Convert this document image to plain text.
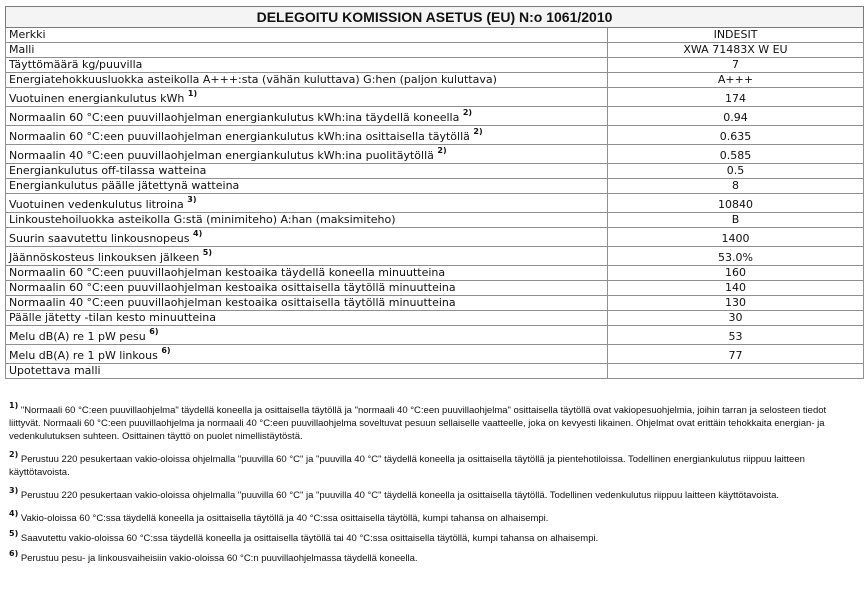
DELEGOITU KOMISSION ASETUS (EU) N:o 1061/2010	
Merkki	INDESIT
Malli	XWA 71483X W EU
Täyttömäärä kg/puuvilla	7
Energiatehokkuusluokka asteikolla A+++:sta (vähän kuluttava) G:hen (paljon kuluttava)	A+++
Vuotuinen energiankulutus kWh $^{1)}$	174
Normaalin 60 °C:een puuvillaohjelman energiankulutus kWh:ina täydellä koneella $^{2)}$	0.94
Normaalin 60 °C:een puuvillaohjelman energiankulutus kWh:ina osittaisella täytöllä $^{2)}$	0.635
Normaalin 40 °C:een puuvillaohjelman energiankulutus kWh:ina puolitäytöllä $^{2)}$	0.585
Energiankulutus off-tilassa watteina	0.5
Energiankulutus päälle jätettynä watteina	8
Vuotuinen vedenkulutus litroina $^{3)}$	10840
Linkoustehoiluokka asteikolla G:stä (minimiteho) A:han (maksimiteho)	B
Suurin saavutettu linkousnopeus $^{4)}$	1400
Jäännöskosteus linkouksen jälkeen $^{5)}$	53.0%
Normaalin 60 °C:een puuvillaohjelman kestoaika täydellä koneella minuutteina	160
Normaalin 60 °C:een puuvillaohjelman kestoaika osittaisella täytöllä minuutteina	140
Normaalin 40 °C:een puuvillaohjelman kestoaika osittaisella täytöllä minuutteina	130
Päälle jätetty -tilan kesto minuutteina	30
Melu dB(A) re 1 pW pesu $^{6)}$	53
Melu dB(A) re 1 pW linkous $^{6)}$	77
Upotettava malli	

$^{1)}$ "Normaali 60 °C:een puuvillaohjelma" täydellä koneella ja osittaisella täytöllä ja "normaali 40 °C:een puuvillaohjelma" osittaisella täytöllä ovat vakiopesuohjelmia, joihin tarran ja selosteen tiedot liittyvät. Normaali 60 °C:een puuvillaohjelma ja normaali 40 °C:een puuvillaohjelma soveltuvat pesuun sellaiselle vaatteelle, joka on kevyesti likainen. Ohjelmat ovat erittäin tehokkaita energian- ja vedenkulutuksen suhteen. Osittainen täyttö on puolet nimellistäytöstä.

$^{2)}$ Perustuu 220 pesukertaan vakio-oloissa ohjelmalla "puuvilla 60 °C" ja "puuvilla 40 °C" täydellä koneella ja osittaisella täytöllä ja pientehotiloissa. Todellinen energiankulutus riippuu laitteen käyttötavoista.

$^{3)}$ Perustuu 220 pesukertaan vakio-oloissa ohjelmalla "puuvilla 60 °C" ja "puuvilla 40 °C" täydellä koneella ja osittaisella täytöllä. Todellinen vedenkulutus riippuu laitteen käyttötavoista.

$^{4)}$ Vakio-oloissa 60 °C:ssa täydellä koneella ja osittaisella täytöllä ja 40 °C:ssa osittaisella täytöllä, kumpi tahansa on alhaisempi.

$^{5)}$ Saavutettu vakio-oloissa 60 °C:ssa täydellä koneella ja osittaisella täytöllä tai 40 °C:ssa osittaisella täytöllä, kumpi tahansa on alhaisempi.

$^{6)}$ Perustuu pesu- ja linkousvaiheisiin vakio-oloissa 60 °C:n puuvillaohjelmassa täydellä koneella.
